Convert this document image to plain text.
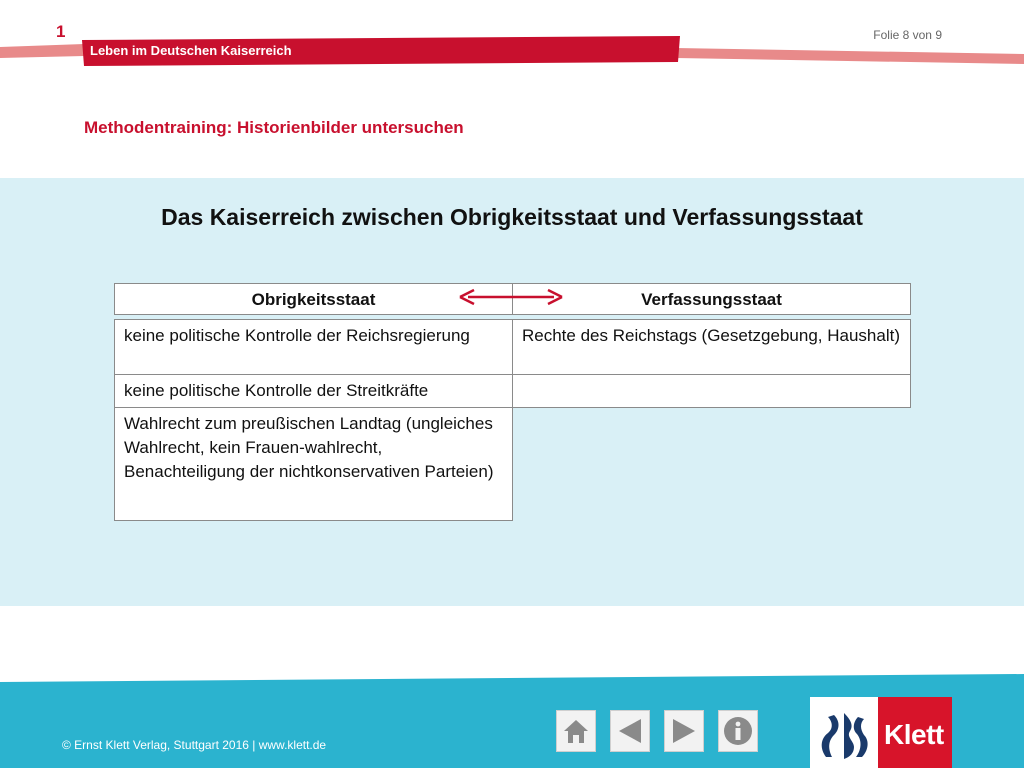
1
Leben im Deutschen Kaiserreich
Folie 8 von 9
Methodentraining: Historienbilder untersuchen
Das Kaiserreich zwischen Obrigkeitsstaat und Verfassungsstaat
Obrigkeitsstaat	Verfassungsstaat
keine politische Kontrolle der Reichsregierung	Rechte des Reichstags (Gesetzgebung, Haushalt)
keine politische Kontrolle der Streitkräfte
Wahlrecht zum preußischen Landtag (ungleiches Wahlrecht, kein Frauen-wahlrecht, Benachteiligung der nichtkonservativen Parteien)
© Ernst Klett Verlag, Stuttgart 2016 | www.klett.de	Klett
